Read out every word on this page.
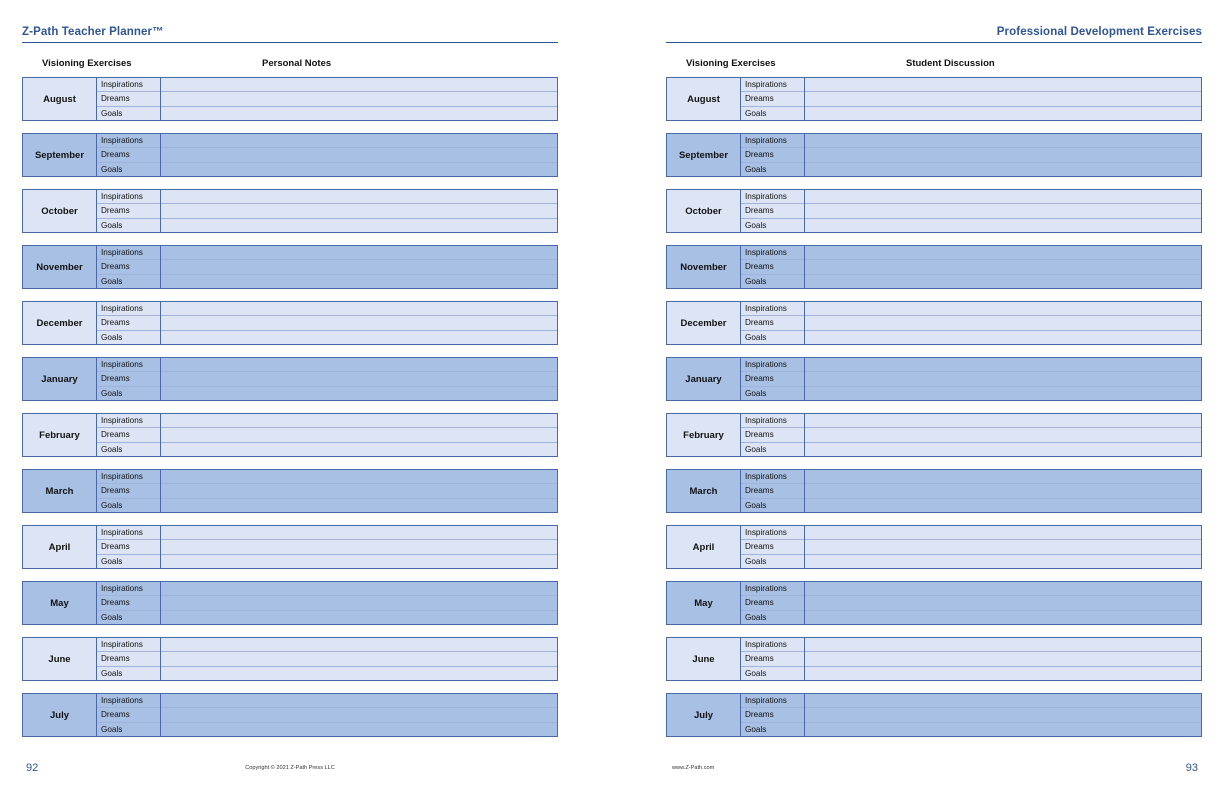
Z-Path Teacher Planner™
Visioning Exercises	Personal Notes
August
Inspirations
Dreams
Goals
September
Inspirations
Dreams
Goals
October
Inspirations
Dreams
Goals
November
Inspirations
Dreams
Goals
December
Inspirations
Dreams
Goals
January
Inspirations
Dreams
Goals
February
Inspirations
Dreams
Goals
March
Inspirations
Dreams
Goals
April
Inspirations
Dreams
Goals
May
Inspirations
Dreams
Goals
June
Inspirations
Dreams
Goals
July
Inspirations
Dreams
Goals
92	Copyright © 2021 Z-Path Press LLC
Professional Development Exercises
Visioning Exercises	Student Discussion
August
Inspirations
Dreams
Goals
September
Inspirations
Dreams
Goals
October
Inspirations
Dreams
Goals
November
Inspirations
Dreams
Goals
December
Inspirations
Dreams
Goals
January
Inspirations
Dreams
Goals
February
Inspirations
Dreams
Goals
March
Inspirations
Dreams
Goals
April
Inspirations
Dreams
Goals
May
Inspirations
Dreams
Goals
June
Inspirations
Dreams
Goals
July
Inspirations
Dreams
Goals
93
www.Z-Path.com
